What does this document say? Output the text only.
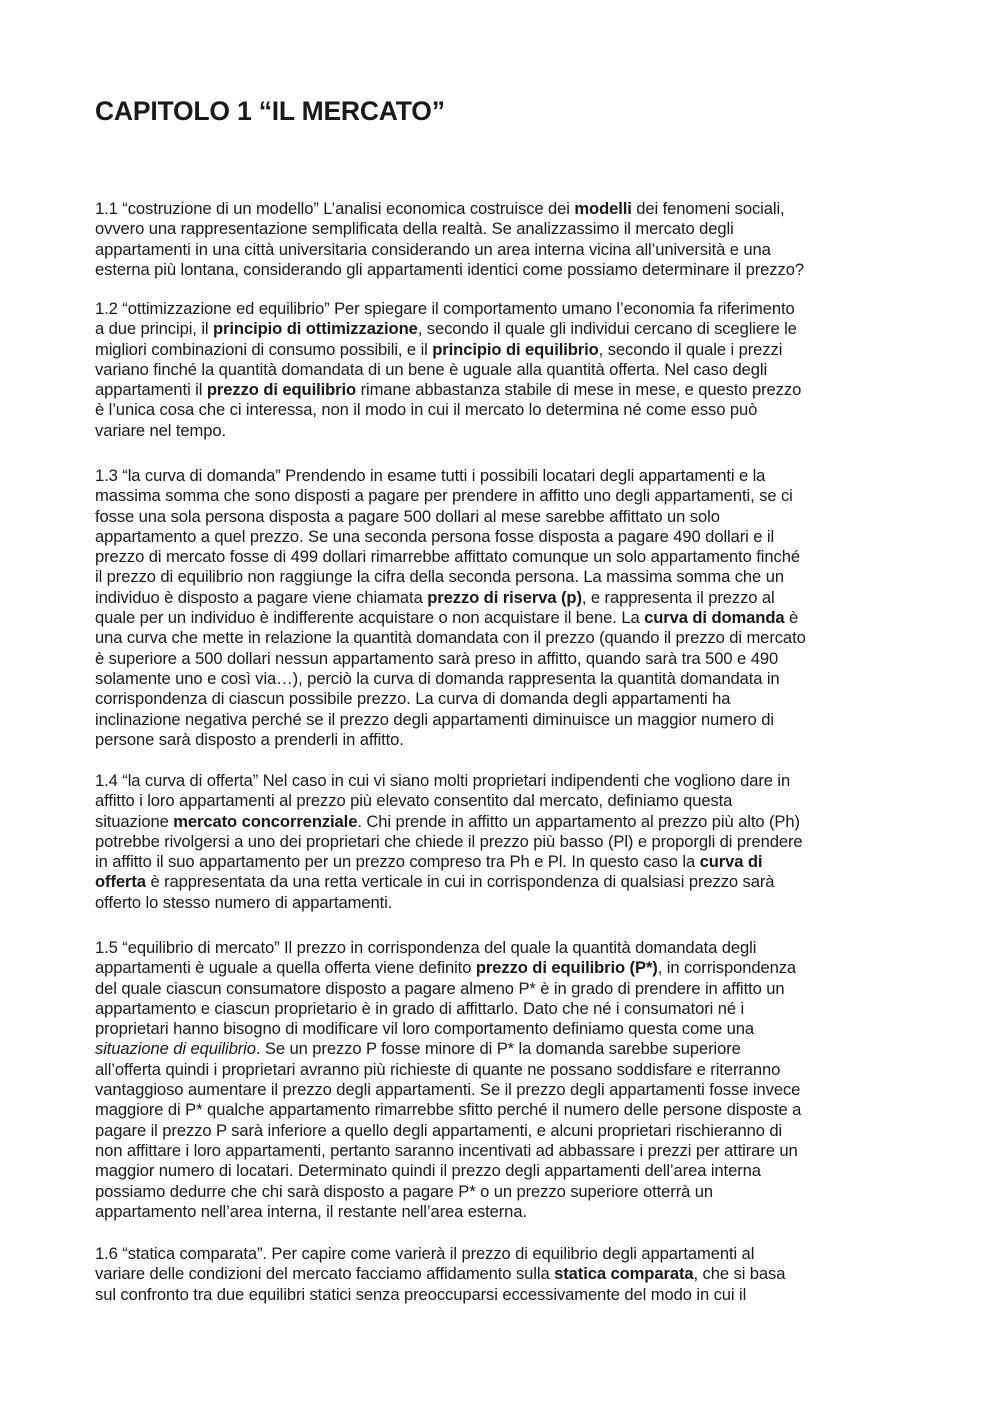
CAPITOLO 1 “IL MERCATO”
1.1 “costruzione di un modello” L’analisi economica costruisce dei modelli dei fenomeni sociali,
ovvero una rappresentazione semplificata della realtà. Se analizzassimo il mercato degli
appartamenti in una città universitaria considerando un area interna vicina all’università e una
esterna più lontana, considerando gli appartamenti identici come possiamo determinare il prezzo?
1.2 “ottimizzazione ed equilibrio” Per spiegare il comportamento umano l’economia fa riferimento
a due principi, il principio di ottimizzazione, secondo il quale gli individui cercano di scegliere le
migliori combinazioni di consumo possibili, e il principio di equilibrio, secondo il quale i prezzi
variano finché la quantità domandata di un bene è uguale alla quantità offerta. Nel caso degli
appartamenti il prezzo di equilibrio rimane abbastanza stabile di mese in mese, e questo prezzo
è l’unica cosa che ci interessa, non il modo in cui il mercato lo determina né come esso può
variare nel tempo.
1.3 “la curva di domanda” Prendendo in esame tutti i possibili locatari degli appartamenti e la
massima somma che sono disposti a pagare per prendere in affitto uno degli appartamenti, se ci
fosse una sola persona disposta a pagare 500 dollari al mese sarebbe affittato un solo
appartamento a quel prezzo. Se una seconda persona fosse disposta a pagare 490 dollari e il
prezzo di mercato fosse di 499 dollari rimarrebbe affittato comunque un solo appartamento finché
il prezzo di equilibrio non raggiunge la cifra della seconda persona. La massima somma che un
individuo è disposto a pagare viene chiamata prezzo di riserva (p), e rappresenta il prezzo al
quale per un individuo è indifferente acquistare o non acquistare il bene. La curva di domanda è
una curva che mette in relazione la quantità domandata con il prezzo (quando il prezzo di mercato
è superiore a 500 dollari nessun appartamento sarà preso in affitto, quando sarà tra 500 e 490
solamente uno e così via…), perciò la curva di domanda rappresenta la quantità domandata in
corrispondenza di ciascun possibile prezzo. La curva di domanda degli appartamenti ha
inclinazione negativa perché se il prezzo degli appartamenti diminuisce un maggior numero di
persone sarà disposto a prenderli in affitto.
1.4 “la curva di offerta” Nel caso in cui vi siano molti proprietari indipendenti che vogliono dare in
affitto i loro appartamenti al prezzo più elevato consentito dal mercato, definiamo questa
situazione mercato concorrenziale. Chi prende in affitto un appartamento al prezzo più alto (Ph)
potrebbe rivolgersi a uno dei proprietari che chiede il prezzo più basso (Pl) e proporgli di prendere
in affitto il suo appartamento per un prezzo compreso tra Ph e Pl. In questo caso la curva di
offerta è rappresentata da una retta verticale in cui in corrispondenza di qualsiasi prezzo sarà
offerto lo stesso numero di appartamenti.
1.5 “equilibrio di mercato” Il prezzo in corrispondenza del quale la quantità domandata degli
appartamenti è uguale a quella offerta viene definito prezzo di equilibrio (P*), in corrispondenza
del quale ciascun consumatore disposto a pagare almeno P* è in grado di prendere in affitto un
appartamento e ciascun proprietario è in grado di affittarlo. Dato che né i consumatori né i
proprietari hanno bisogno di modificare vil loro comportamento definiamo questa come una
situazione di equilibrio. Se un prezzo P fosse minore di P* la domanda sarebbe superiore
all’offerta quindi i proprietari avranno più richieste di quante ne possano soddisfare e riterranno
vantaggioso aumentare il prezzo degli appartamenti. Se il prezzo degli appartamenti fosse invece
maggiore di P* qualche appartamento rimarrebbe sfitto perché il numero delle persone disposte a
pagare il prezzo P sarà inferiore a quello degli appartamenti, e alcuni proprietari rischieranno di
non affittare i loro appartamenti, pertanto saranno incentivati ad abbassare i prezzi per attirare un
maggior numero di locatari. Determinato quindi il prezzo degli appartamenti dell’area interna
possiamo dedurre che chi sarà disposto a pagare P* o un prezzo superiore otterrà un
appartamento nell’area interna, il restante nell’area esterna.
1.6 “statica comparata”. Per capire come varierà il prezzo di equilibrio degli appartamenti al
variare delle condizioni del mercato facciamo affidamento sulla statica comparata, che si basa
sul confronto tra due equilibri statici senza preoccuparsi eccessivamente del modo in cui il
